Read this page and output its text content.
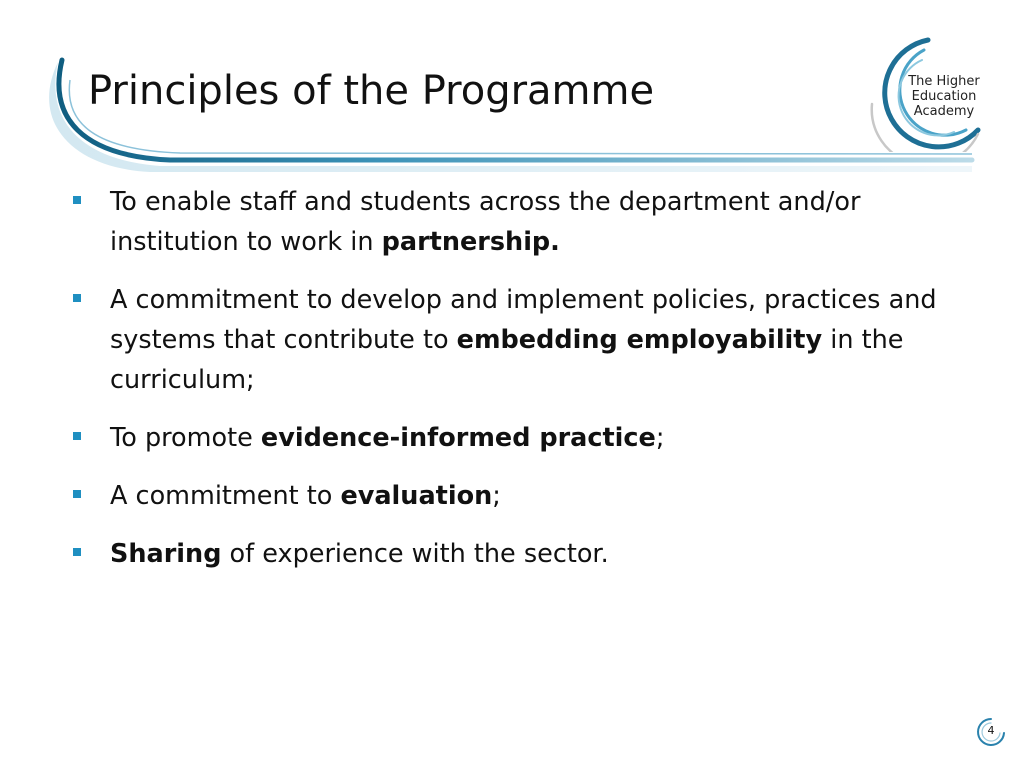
Principles of the Programme	The Higher
Education
Academy
To enable staff and students across the department and/or institution to work in partnership.
A commitment to develop and implement policies, practices and systems that contribute to embedding employability in the curriculum;
To promote evidence-informed practice;
A commitment to evaluation;
Sharing of experience with the sector.
4
